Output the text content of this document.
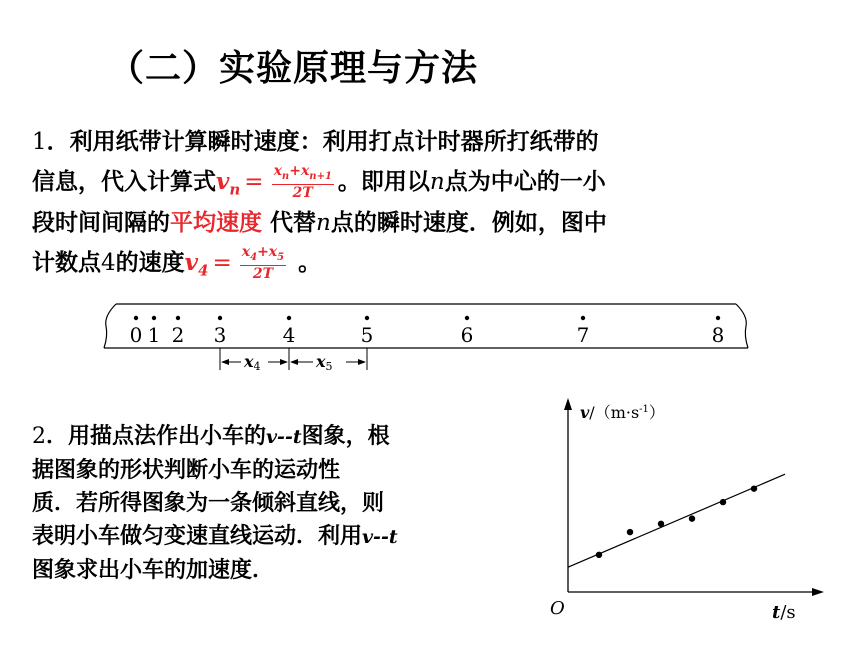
（二）实验原理与方法
1．利用纸带计算瞬时速度：利用打点计时器所打纸带的
信息，代入计算式$v_n = \frac{x_n+x_{n+1}}{2T}$ 。即用以n点为中心的一小
段时间间隔的平均速度 代替n点的瞬时速度．例如，图中
计数点4的速度$v_4 = \frac{x_4+x_5}{2T}$ 。
0 1 2 3	4	5	6	7	8
x4	x5
2．用描点法作出小车的v--t图象，根
据图象的形状判断小车的运动性
质．若所得图象为一条倾斜直线，则
表明小车做匀变速直线运动．利用v--t
图象求出小车的加速度．
$v/(m\cdot s^{-1})$
t/s
O
